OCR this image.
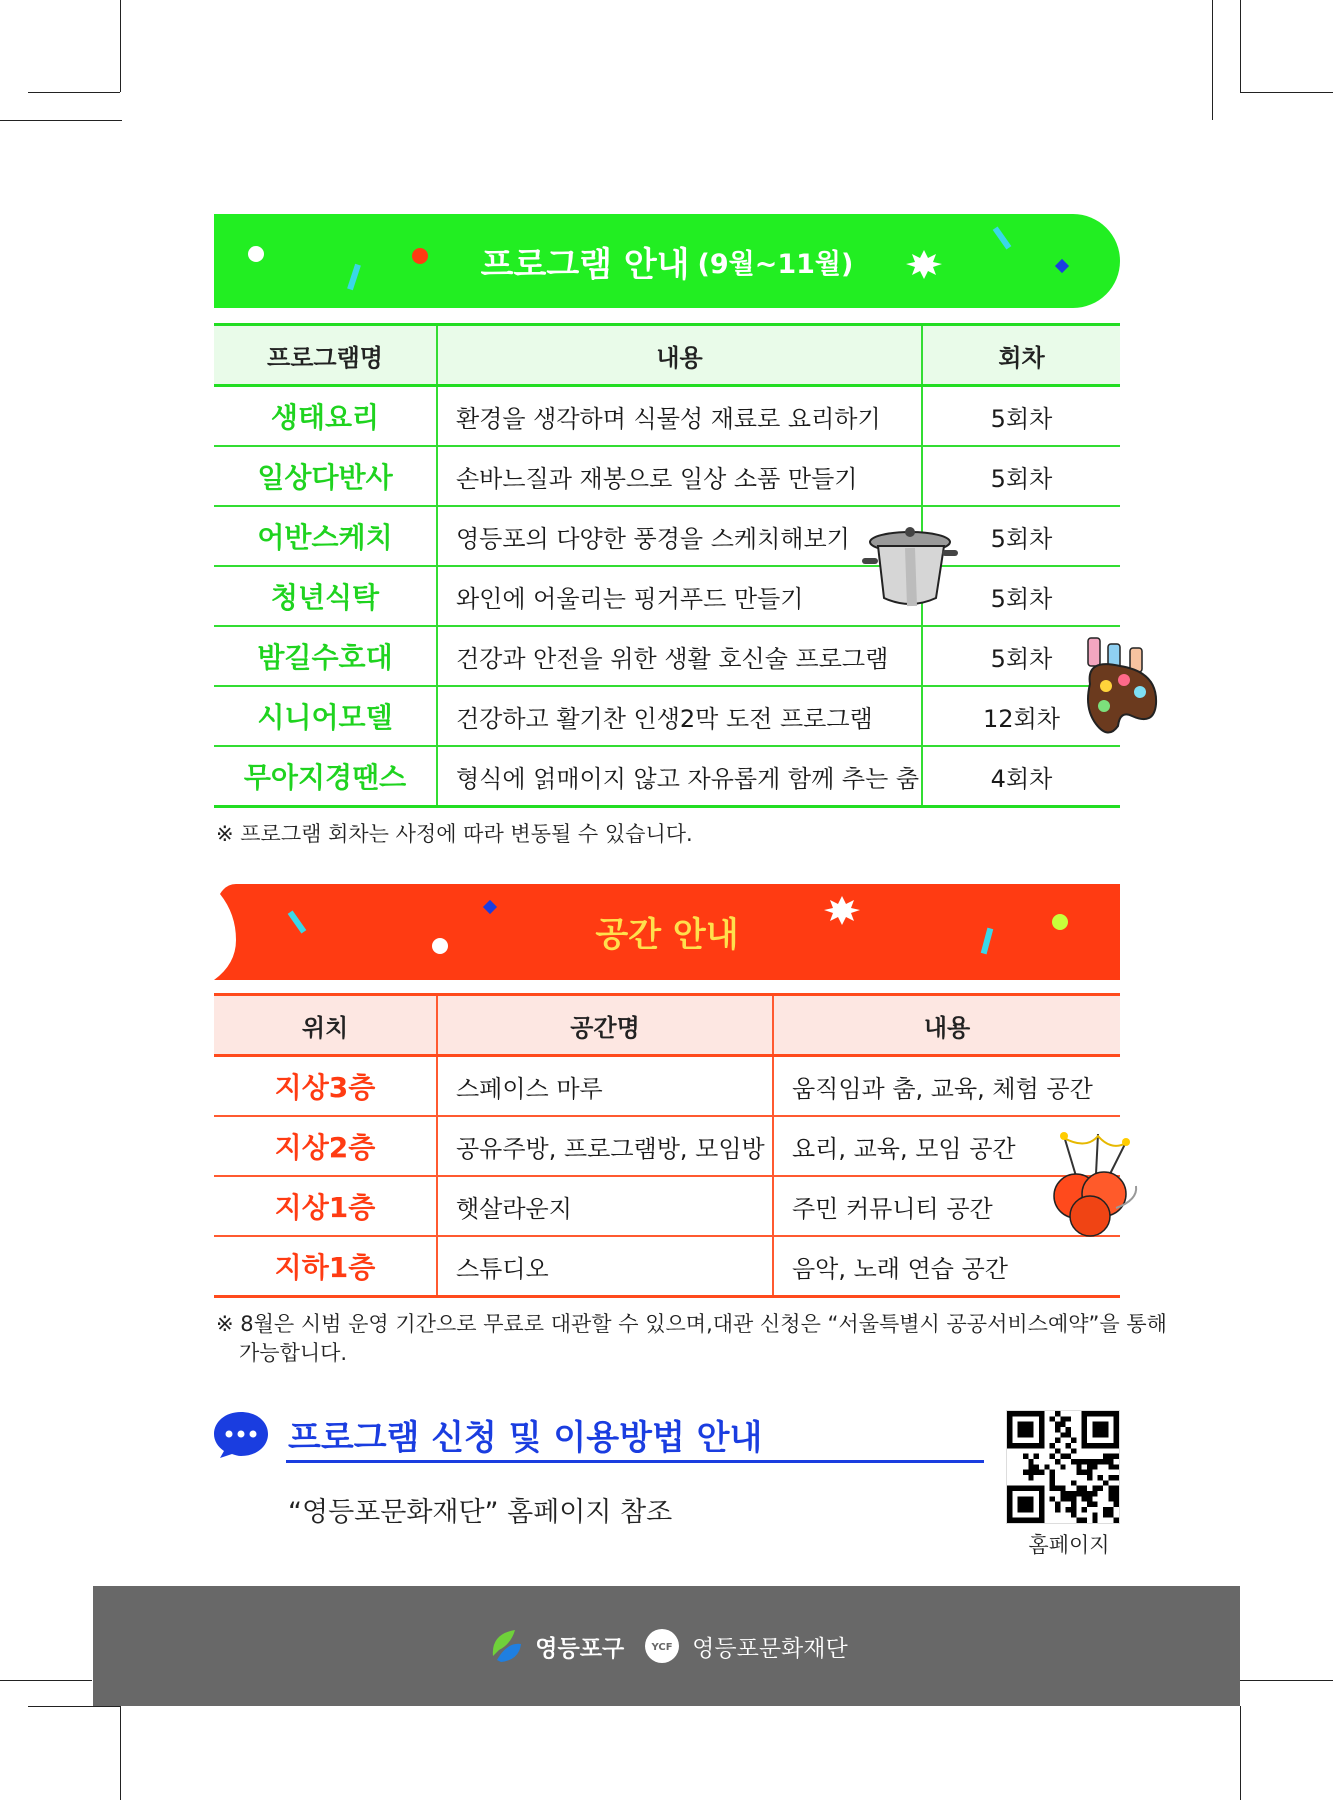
프로그램 안내 (9월~11월)
프로그램명	내용	회차
생태요리	환경을 생각하며 식물성 재료로 요리하기	5회차
일상다반사	손바느질과 재봉으로 일상 소품 만들기	5회차
어반스케치	영등포의 다양한 풍경을 스케치해보기	5회차
청년식탁	와인에 어울리는 핑거푸드 만들기	5회차
밤길수호대	건강과 안전을 위한 생활 호신술 프로그램	5회차
시니어모델	건강하고 활기찬 인생2막 도전 프로그램	12회차
무아지경땐스	형식에 얽매이지 않고 자유롭게 함께 추는 춤	4회차
※ 프로그램 회차는 사정에 따라 변동될 수 있습니다.
공간 안내
위치	공간명	내용
지상3층	스페이스 마루	움직임과 춤, 교육, 체험 공간
지상2층	공유주방, 프로그램방, 모임방	요리, 교육, 모임 공간
지상1층	햇살라운지	주민 커뮤니티 공간
지하1층	스튜디오	음악, 노래 연습 공간
※ 8월은 시범 운영 기간으로 무료로 대관할 수 있으며,대관 신청은 “서울특별시 공공서비스예약”을 통해
가능합니다.
프로그램 신청 및 이용방법 안내
“영등포문화재단” 홈페이지 참조
홈페이지
영등포구	YCF 영등포문화재단
